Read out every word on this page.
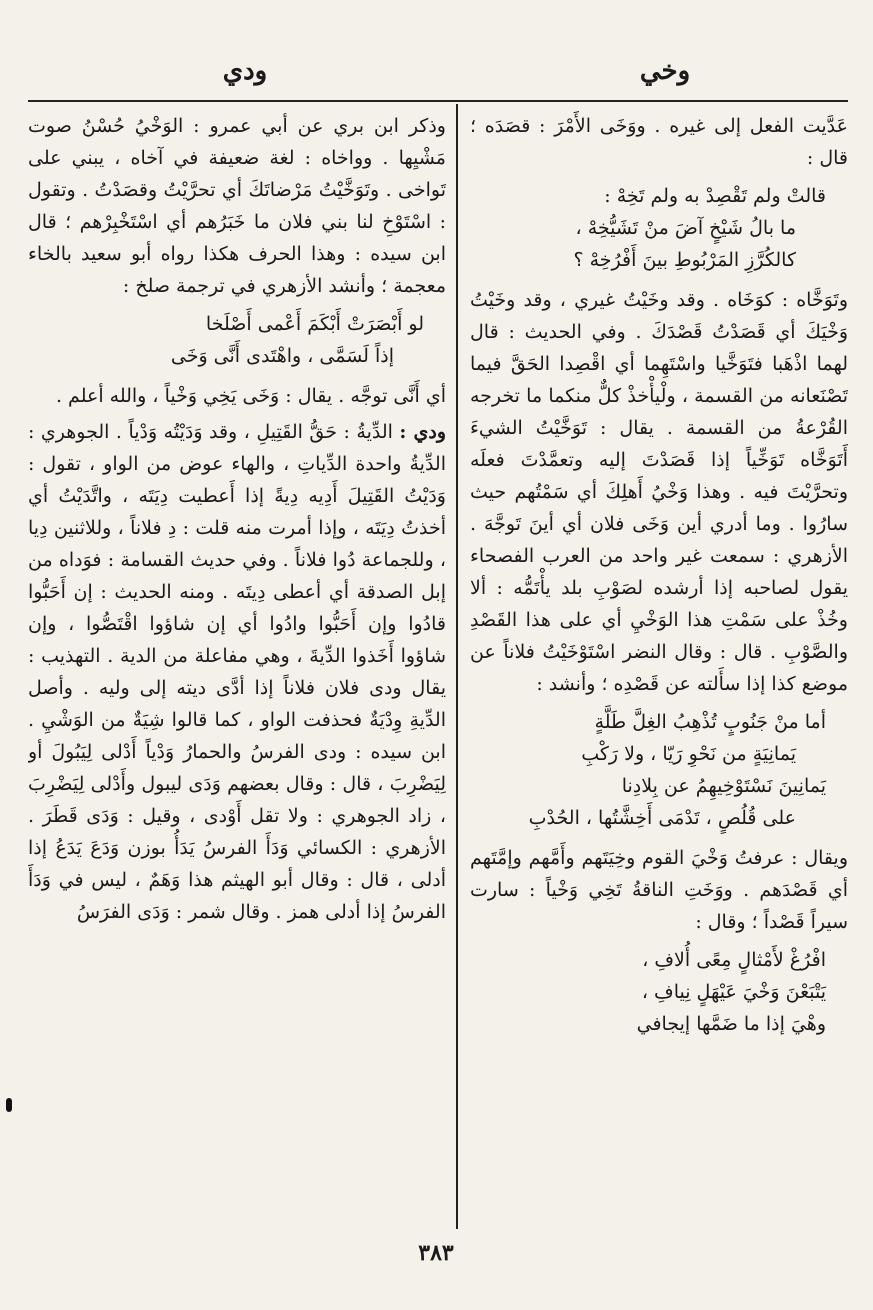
وخي
ودي

عَدَّيت الفعل إلى غيره . ووَخَى الأَمْرَ : قصَدَه ؛ قال :

قالتْ ولم تَقْصِدْ به ولم تَخِهْ :
ما بالُ شَيْخٍ آضَ منْ تَشَيُّخِهْ ،
كالكُرَّزِ المَرْبُوطِ بينَ أَفْرُخِهْ ؟

وتَوَخَّاه : كوَخَاه . وقد وخَيْتُ غيري ، وقد وخَيْتُ وَخْيَكَ أي قَصَدْتُ قَصْدَكَ . وفي الحديث : قال لهما اذْهَبا فتَوَخَّيا واسْتَهِما أي اقْصِدا الحَقَّ فيما تَصْنَعانه من القسمة ، ولْيأْخذْ كلٌّ منكما ما تخرجه القُرْعةُ من القسمة . يقال : تَوَخَّيْتُ الشيءَ أَتَوَخَّاه تَوَخِّياً إذا قَصَدْتَ إليه وتعمَّدْتَ فعلَه وتحرَّيْتَ فيه . وهذا وَخْيُ أَهلِكَ أي سَمْتُهم حيث سارُوا . وما أدري أين وَخَى فلان أي أينَ تَوجَّهَ . الأزهري : سمعت غير واحد من العرب الفصحاء يقول لصاحبه إذا أرشده لصَوْبِ بلد يأْتَمُّه : ألا وخُذْ على سَمْتِ هذا الوَخْيِ أي على هذا القَصْدِ والصَّوْبِ . قال : وقال النضر اسْتَوْخَيْتُ فلاناً عن موضع كذا إذا سأَلته عن قَصْدِه ؛ وأنشد :

أما منْ جَنُوبٍ تُذْهِبُ الغِلَّ طَلَّةٍ
يَمانِيَةٍ من نَحْوِ رَيّا ، ولا رَكْبِ
يَمانِينَ نَسْتَوْخِيهِمُ عن بِلادِنا
على قُلُصٍ ، تَدْمَى أَخِشَّتُها ، الحُدْبِ

ويقال : عرفتُ وَخْيَ القوم وخِيَتَهم وأَمَّهم وإمَّتَهم أي قَصْدَهم . ووَخَتِ الناقةُ تَخِي وَخْياً : سارت سيراً قَصْداً ؛ وقال :

افْرُغْ لأَمْثالٍ مِعًى أُلافِ ،
يَتْبَعْنَ وَخْيَ عَيْهَلٍ نِيافِ ،
وهْيَ إذا ما ضَمَّها إيجافي

وذكر ابن بري عن أبي عمرو : الوَخْيُ حُسْنُ صوت مَشْيِها . وواخاه : لغة ضعيفة في آخاه ، يبني على تَواخى . وتَوَخَّيْتُ مَرْضاتَكَ أي تحرَّيْتُ وقصَدْتُ . وتقول : اسْتَوْخِ لنا بني فلان ما خَبَرُهم أي اسْتَخْبِرْهم ؛ قال ابن سيده : وهذا الحرف هكذا رواه أبو سعيد بالخاء معجمة ؛ وأنشد الأزهري في ترجمة صلخ :

لو أَبْصَرَتْ أَبْكَمَ أَعْمى أَصْلَخا
إذاً لَسَمَّى ، واهْتَدى أَنَّى وَخَى

أي أَنَّى توجَّه . يقال : وَخَى يَخِي وَخْياً ، والله أعلم .

ودي : الدِّيةُ : حَقُّ القَتِيلِ ، وقد وَدَيْتُه وَدْياً . الجوهري : الدِّيةُ واحدة الدِّياتِ ، والهاء عوض من الواو ، تقول : وَدَيْتُ القَتِيلَ أَدِيه دِيةً إذا أَعطيت دِيَتَه ، واتَّدَيْتُ أي أخذتُ دِيَتَه ، وإذا أمرت منه قلت : دِ فلاناً ، وللاثنين دِيا ، وللجماعة دُوا فلاناً . وفي حديث القسامة : فوَداه من إبل الصدقة أي أعطى دِيتَه . ومنه الحديث : إن أَحَبُّوا قادُوا وإن أَحَبُّوا وادُوا أي إن شاؤوا اقْتَصُّوا ، وإن شاؤوا أَخَذوا الدِّيةَ ، وهي مفاعلة من الدية . التهذيب : يقال ودى فلان فلاناً إذا أدَّى ديته إلى وليه . وأصل الدِّيةِ وِدْيَةٌ فحذفت الواو ، كما قالوا شِيَةٌ من الوَشْيِ . ابن سيده : ودى الفرسُ والحمارُ وَدْياً أَدْلى لِيَبُولَ أو لِيَضْرِبَ ، قال : وقال بعضهم وَدَى ليبول وأَدْلى لِيَضْرِبَ ، زاد الجوهري : ولا تقل أَوْدى ، وقيل : وَدَى قَطَرَ . الأزهري : الكسائي وَدَأَ الفرسُ يَدَأُ بوزن وَدَعَ يَدَعُ إذا أدلى ، قال : وقال أبو الهيثم هذا وَهَمٌ ، ليس في وَدَأَ الفرسُ إذا أدلى همز . وقال شمر : وَدَى الفرَسُ

٣٨٣
